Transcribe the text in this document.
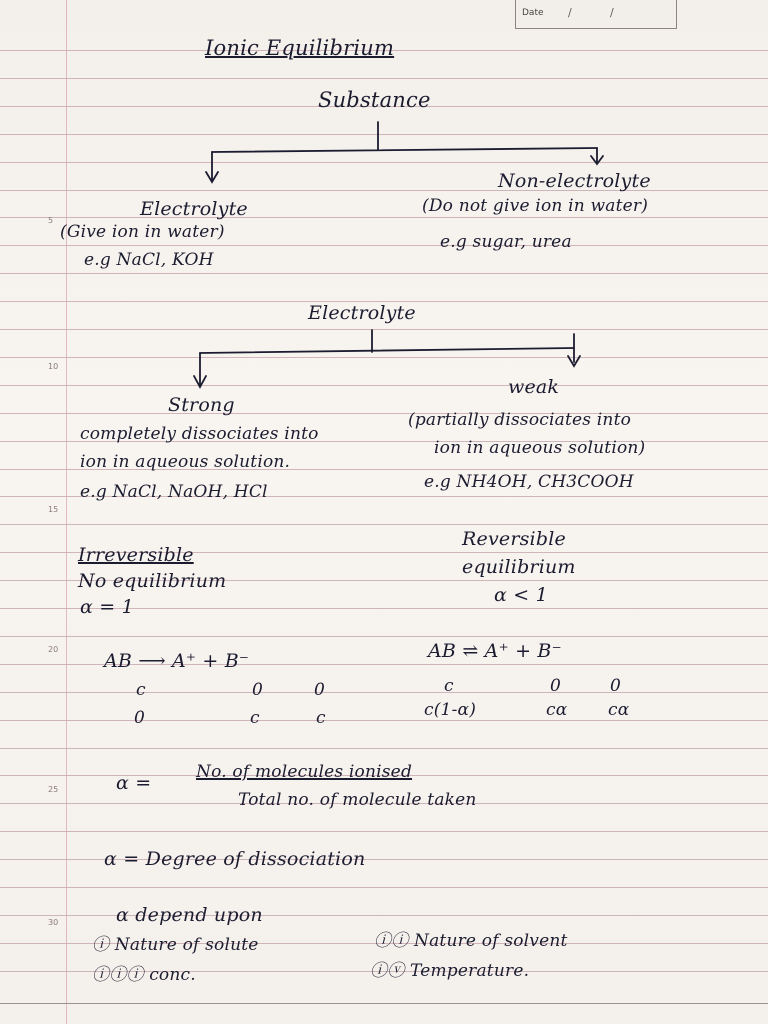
5
10
15
20
25
30
Date /	/
Ionic Equilibrium
Substance
Electrolyte
(Give ion in water)
e.g NaCl, KOH
Non-electrolyte
(Do not give ion in water)
e.g sugar, urea
Electrolyte
Strong
weak
completely dissociates into
ion in aqueous solution.
e.g NaCl, NaOH, HCl
(partially dissociates into
ion in aqueous solution)
e.g NH4OH, CH3COOH
Irreversible
No equilibrium
α = 1
Reversible
equilibrium
α < 1
AB ⟶ A⁺ + B⁻
c	0	0
0	c	c
AB ⇌ A⁺ + B⁻
c	0	0
c(1-α)	cα cα
α =	No. of molecules ionised
Total no. of molecule taken
α = Degree of dissociation
α depend upon
ⓘ Nature of solute	ⓘⓘ Nature of solvent
ⓘⓘⓘ conc.	ⓘⓥ Temperature.
